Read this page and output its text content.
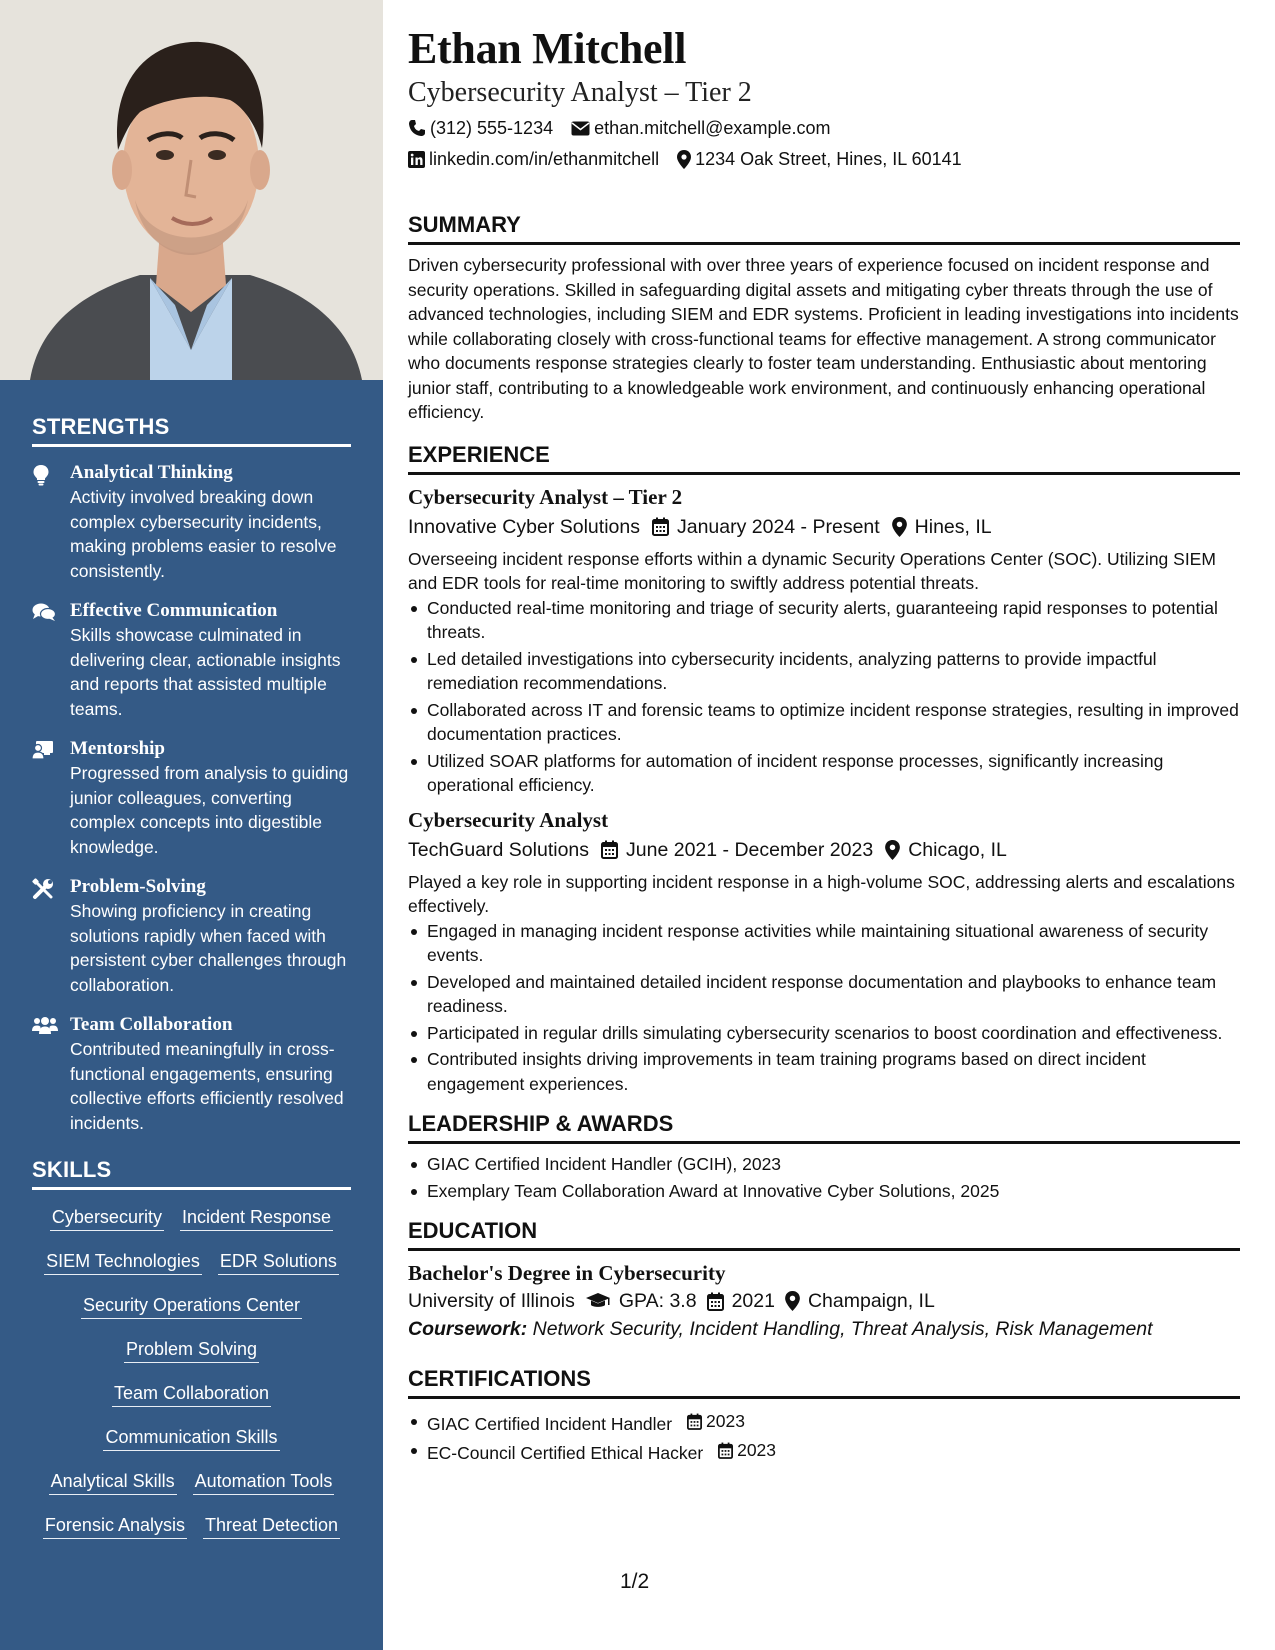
STRENGTHS
Analytical Thinking
Activity involved breaking down complex cybersecurity incidents, making problems easier to resolve consistently.
Effective Communication
Skills showcase culminated in delivering clear, actionable insights and reports that assisted multiple teams.
Mentorship
Progressed from analysis to guiding junior colleagues, converting complex concepts into digestible knowledge.
Problem-Solving
Showing proficiency in creating solutions rapidly when faced with persistent cyber challenges through collaboration.
Team Collaboration
Contributed meaningfully in cross-functional engagements, ensuring collective efforts efficiently resolved incidents.
SKILLS
Cybersecurity Incident Response
SIEM Technologies EDR Solutions
Security Operations Center
Problem Solving
Team Collaboration
Communication Skills
Analytical Skills Automation Tools
Forensic Analysis Threat Detection
Ethan Mitchell
Cybersecurity Analyst – Tier 2
(312) 555-1234 ethan.mitchell@example.com
linkedin.com/in/ethanmitchell 1234 Oak Street, Hines, IL 60141
SUMMARY

Driven cybersecurity professional with over three years of experience focused on incident response and security operations. Skilled in safeguarding digital assets and mitigating cyber threats through the use of advanced technologies, including SIEM and EDR systems. Proficient in leading investigations into incidents while collaborating closely with cross-functional teams for effective management. A strong communicator who documents response strategies clearly to foster team understanding. Enthusiastic about mentoring junior staff, contributing to a knowledgeable work environment, and continuously enhancing operational efficiency.

EXPERIENCE
Cybersecurity Analyst – Tier 2
Innovative Cyber Solutions January 2024 - Present Hines, IL

Overseeing incident response efforts within a dynamic Security Operations Center (SOC). Utilizing SIEM and EDR tools for real-time monitoring to swiftly address potential threats.

Conducted real-time monitoring and triage of security alerts, guaranteeing rapid responses to potential threats.
Led detailed investigations into cybersecurity incidents, analyzing patterns to provide impactful remediation recommendations.
Collaborated across IT and forensic teams to optimize incident response strategies, resulting in improved documentation practices.
Utilized SOAR platforms for automation of incident response processes, significantly increasing operational efficiency.
Cybersecurity Analyst
TechGuard Solutions June 2021 - December 2023 Chicago, IL

Played a key role in supporting incident response in a high-volume SOC, addressing alerts and escalations effectively.

Engaged in managing incident response activities while maintaining situational awareness of security events.
Developed and maintained detailed incident response documentation and playbooks to enhance team readiness.
Participated in regular drills simulating cybersecurity scenarios to boost coordination and effectiveness.
Contributed insights driving improvements in team training programs based on direct incident engagement experiences.
LEADERSHIP & AWARDS
GIAC Certified Incident Handler (GCIH), 2023
Exemplary Team Collaboration Award at Innovative Cyber Solutions, 2025
EDUCATION
Bachelor's Degree in Cybersecurity
University of Illinois GPA: 3.8 2021 Champaign, IL
Coursework: Network Security, Incident Handling, Threat Analysis, Risk Management
CERTIFICATIONS
GIAC Certified Incident Handler 2023
EC-Council Certified Ethical Hacker 2023
1/2
